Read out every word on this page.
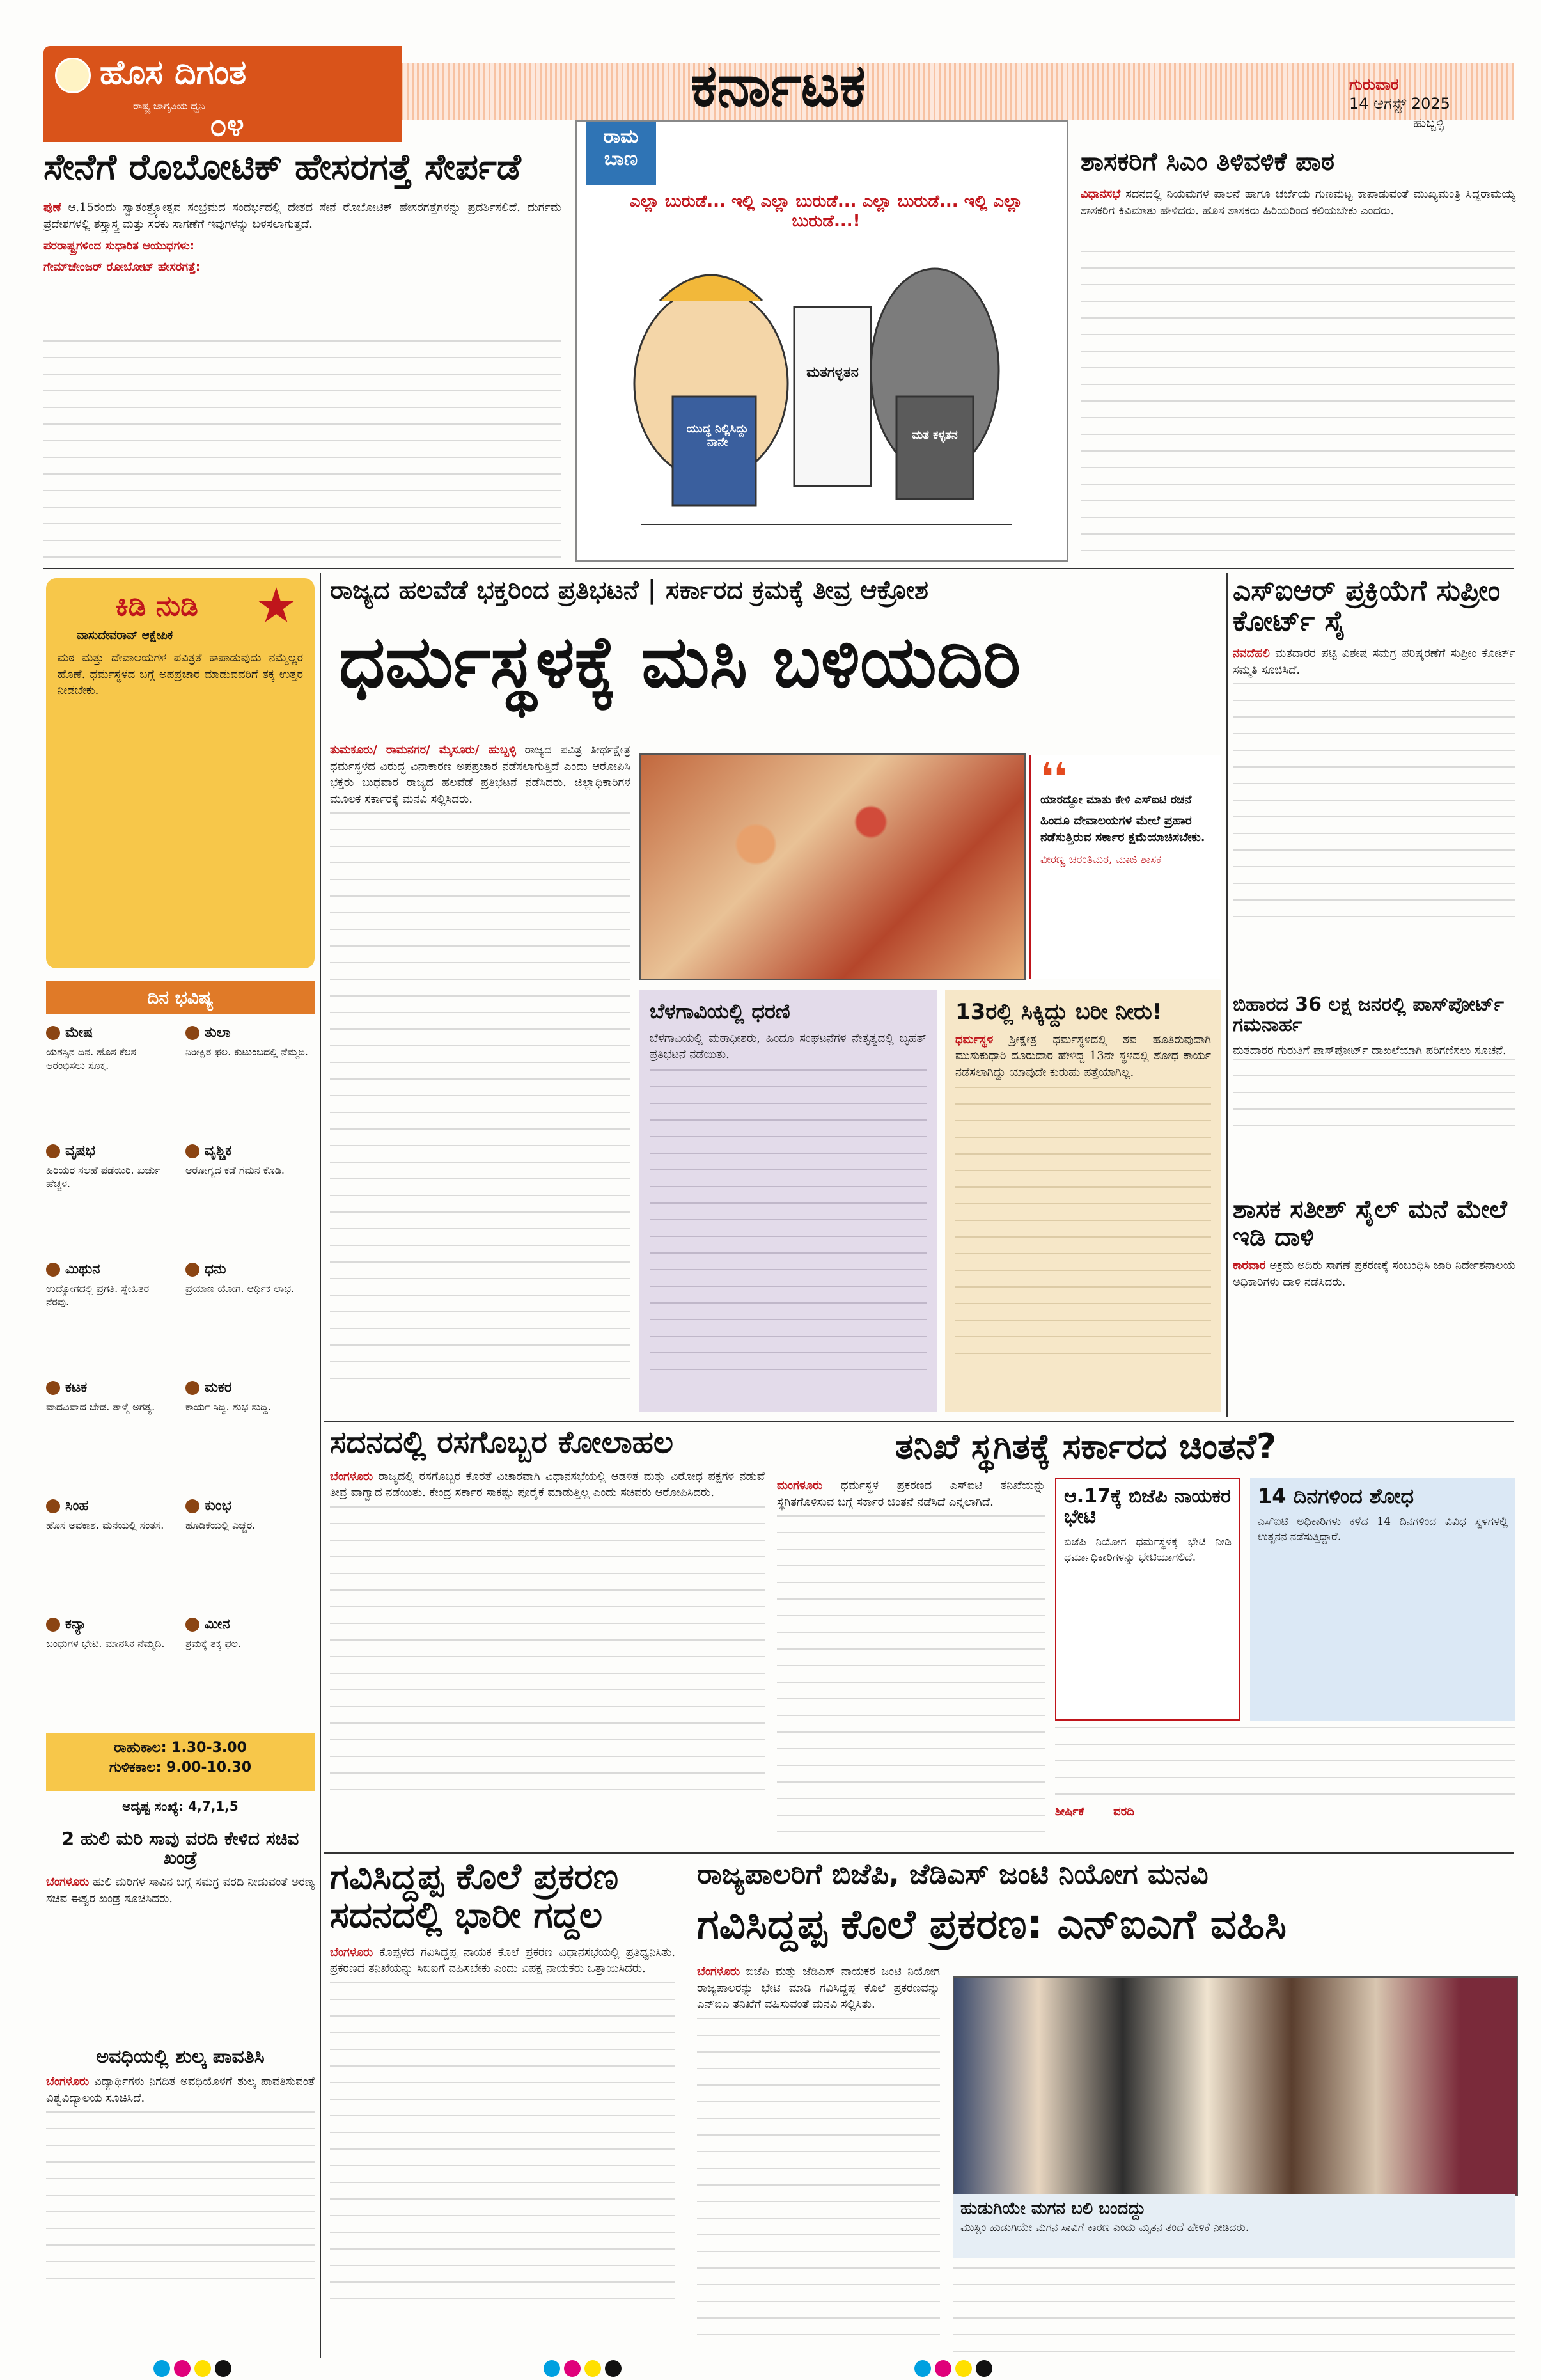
ಹೊಸ ದಿಗಂತ
ರಾಷ್ಟ್ರ ಜಾಗೃತಿಯ ಧ್ವನಿ
೦೪
ಕರ್ನಾಟಕ	ಗುರುವಾರ
14 ಆಗಸ್ಟ್ 2025
ಹುಬ್ಬಳ್ಳಿ
ಸೇನೆಗೆ ರೊಬೋಟಿಕ್ ಹೇಸರಗತ್ತೆ ಸೇರ್ಪಡೆ

ಪುಣೆ ಆ.15ರಂದು ಸ್ವಾತಂತ್ರ್ಯೋತ್ಸವ ಸಂಭ್ರಮದ ಸಂದರ್ಭದಲ್ಲಿ ದೇಶದ ಸೇನೆ ರೊಬೋಟಿಕ್ ಹೇಸರಗತ್ತೆಗಳನ್ನು ಪ್ರದರ್ಶಿಸಲಿದೆ. ದುರ್ಗಮ ಪ್ರದೇಶಗಳಲ್ಲಿ ಶಸ್ತ್ರಾಸ್ತ್ರ ಮತ್ತು ಸರಕು ಸಾಗಣೆಗೆ ಇವುಗಳನ್ನು ಬಳಸಲಾಗುತ್ತದೆ.

ಪರರಾಷ್ಟ್ರಗಳಿಂದ ಸುಧಾರಿತ ಆಯುಧಗಳು:

ಗೇಮ್‌ಚೇಂಜರ್ ರೋಬೋಟ್ ಹೇಸರಗತ್ತೆ:

ರಾಮ
ಬಾಣ
ಎಲ್ಲಾ ಬುರುಡೆ... ಇಲ್ಲಿ ಎಲ್ಲಾ ಬುರುಡೆ... ಎಲ್ಲಾ ಬುರುಡೆ... ಇಲ್ಲಿ ಎಲ್ಲಾ ಬುರುಡೆ...!
ಯುದ್ಧ ನಿಲ್ಲಿಸಿದ್ದು ನಾನೇ
ಮತಗಳ್ಳತನ
ಮತ ಕಳ್ಳತನ
ಶಾಸಕರಿಗೆ ಸಿಎಂ ತಿಳಿವಳಿಕೆ ಪಾಠ

ವಿಧಾನಸಭೆ ಸದನದಲ್ಲಿ ನಿಯಮಗಳ ಪಾಲನೆ ಹಾಗೂ ಚರ್ಚೆಯ ಗುಣಮಟ್ಟ ಕಾಪಾಡುವಂತೆ ಮುಖ್ಯಮಂತ್ರಿ ಸಿದ್ದರಾಮಯ್ಯ ಶಾಸಕರಿಗೆ ಕಿವಿಮಾತು ಹೇಳಿದರು. ಹೊಸ ಶಾಸಕರು ಹಿರಿಯರಿಂದ ಕಲಿಯಬೇಕು ಎಂದರು.

ಕಿಡಿ ನುಡಿ
ವಾಸುದೇವರಾವ್ ಆಕ್ಷೇಪಿಕ
ಮಠ ಮತ್ತು ದೇವಾಲಯಗಳ ಪವಿತ್ರತೆ ಕಾಪಾಡುವುದು ನಮ್ಮೆಲ್ಲರ ಹೊಣೆ. ಧರ್ಮಸ್ಥಳದ ಬಗ್ಗೆ ಅಪಪ್ರಚಾರ ಮಾಡುವವರಿಗೆ ತಕ್ಕ ಉತ್ತರ ನೀಡಬೇಕು.
ದಿನ ಭವಿಷ್ಯ
ಮೇಷ
ಯಶಸ್ಸಿನ ದಿನ. ಹೊಸ ಕೆಲಸ ಆರಂಭಿಸಲು ಸೂಕ್ತ.
ತುಲಾ
ನಿರೀಕ್ಷಿತ ಫಲ. ಕುಟುಂಬದಲ್ಲಿ ನೆಮ್ಮದಿ.
ವೃಷಭ
ಹಿರಿಯರ ಸಲಹೆ ಪಡೆಯಿರಿ. ಖರ್ಚು ಹೆಚ್ಚಳ.
ವೃಶ್ಚಿಕ
ಆರೋಗ್ಯದ ಕಡೆ ಗಮನ ಕೊಡಿ.
ಮಿಥುನ
ಉದ್ಯೋಗದಲ್ಲಿ ಪ್ರಗತಿ. ಸ್ನೇಹಿತರ ನೆರವು.
ಧನು
ಪ್ರಯಾಣ ಯೋಗ. ಆರ್ಥಿಕ ಲಾಭ.
ಕಟಕ
ವಾದವಿವಾದ ಬೇಡ. ತಾಳ್ಮೆ ಅಗತ್ಯ.
ಮಕರ
ಕಾರ್ಯ ಸಿದ್ಧಿ. ಶುಭ ಸುದ್ದಿ.
ಸಿಂಹ
ಹೊಸ ಅವಕಾಶ. ಮನೆಯಲ್ಲಿ ಸಂತಸ.
ಕುಂಭ
ಹೂಡಿಕೆಯಲ್ಲಿ ಎಚ್ಚರ.
ಕನ್ಯಾ
ಬಂಧುಗಳ ಭೇಟಿ. ಮಾನಸಿಕ ನೆಮ್ಮದಿ.
ಮೀನ
ಶ್ರಮಕ್ಕೆ ತಕ್ಕ ಫಲ.
ರಾಹುಕಾಲ: 1.30-3.00
ಗುಳಿಕಕಾಲ: 9.00-10.30
ಅದೃಷ್ಟ ಸಂಖ್ಯೆ: 4,7,1,5
ರಾಜ್ಯದ ಹಲವೆಡೆ ಭಕ್ತರಿಂದ ಪ್ರತಿಭಟನೆ | ಸರ್ಕಾರದ ಕ್ರಮಕ್ಕೆ ತೀವ್ರ ಆಕ್ರೋಶ
ಧರ್ಮಸ್ಥಳಕ್ಕೆ ಮಸಿ ಬಳಿಯದಿರಿ

ತುಮಕೂರು/ ರಾಮನಗರ/ ಮೈಸೂರು/ ಹುಬ್ಬಳ್ಳಿ ರಾಜ್ಯದ ಪವಿತ್ರ ತೀರ್ಥಕ್ಷೇತ್ರ ಧರ್ಮಸ್ಥಳದ ವಿರುದ್ಧ ವಿನಾಕಾರಣ ಅಪಪ್ರಚಾರ ನಡೆಸಲಾಗುತ್ತಿದೆ ಎಂದು ಆರೋಪಿಸಿ ಭಕ್ತರು ಬುಧವಾರ ರಾಜ್ಯದ ಹಲವೆಡೆ ಪ್ರತಿಭಟನೆ ನಡೆಸಿದರು. ಜಿಲ್ಲಾಧಿಕಾರಿಗಳ ಮೂಲಕ ಸರ್ಕಾರಕ್ಕೆ ಮನವಿ ಸಲ್ಲಿಸಿದರು.	❛❛
ಯಾರದ್ದೋ ಮಾತು ಕೇಳಿ ಎಸ್‌ಐಟಿ ರಚನೆ
ಹಿಂದೂ ದೇವಾಲಯಗಳ ಮೇಲೆ ಪ್ರಹಾರ ನಡೆಸುತ್ತಿರುವ ಸರ್ಕಾರ ಕ್ಷಮೆಯಾಚಿಸಬೇಕು.
ವೀರಣ್ಣ ಚರಂತಿಮಠ, ಮಾಜಿ ಶಾಸಕ
ಬೆಳಗಾವಿಯಲ್ಲಿ ಧರಣಿ
ಬೆಳಗಾವಿಯಲ್ಲಿ ಮಠಾಧೀಶರು, ಹಿಂದೂ ಸಂಘಟನೆಗಳ ನೇತೃತ್ವದಲ್ಲಿ ಬೃಹತ್ ಪ್ರತಿಭಟನೆ ನಡೆಯಿತು.
13ರಲ್ಲಿ ಸಿಕ್ಕಿದ್ದು ಬರೀ ನೀರು!

ಧರ್ಮಸ್ಥಳ ಶ್ರೀಕ್ಷೇತ್ರ ಧರ್ಮಸ್ಥಳದಲ್ಲಿ ಶವ ಹೂತಿರುವುದಾಗಿ ಮುಸುಕುಧಾರಿ ದೂರುದಾರ ಹೇಳಿದ್ದ 13ನೇ ಸ್ಥಳದಲ್ಲಿ ಶೋಧ ಕಾರ್ಯ ನಡೆಸಲಾಗಿದ್ದು ಯಾವುದೇ ಕುರುಹು ಪತ್ತೆಯಾಗಿಲ್ಲ.

ಎಸ್‌ಐಆರ್ ಪ್ರಕ್ರಿಯೆಗೆ ಸುಪ್ರೀಂ ಕೋರ್ಟ್ ಸೈ

ನವದೆಹಲಿ ಮತದಾರರ ಪಟ್ಟಿ ವಿಶೇಷ ಸಮಗ್ರ ಪರಿಷ್ಕರಣೆಗೆ ಸುಪ್ರೀಂ ಕೋರ್ಟ್ ಸಮ್ಮತಿ ಸೂಚಿಸಿದೆ.

ಬಿಹಾರದ 36 ಲಕ್ಷ ಜನರಲ್ಲಿ ಪಾಸ್‌ಪೋರ್ಟ್ ಗಮನಾರ್ಹ
ಮತದಾರರ ಗುರುತಿಗೆ ಪಾಸ್‌ಪೋರ್ಟ್ ದಾಖಲೆಯಾಗಿ ಪರಿಗಣಿಸಲು ಸೂಚನೆ.
ಶಾಸಕ ಸತೀಶ್ ಸೈಲ್ ಮನೆ ಮೇಲೆ ಇಡಿ ದಾಳಿ

ಕಾರವಾರ ಅಕ್ರಮ ಅದಿರು ಸಾಗಣೆ ಪ್ರಕರಣಕ್ಕೆ ಸಂಬಂಧಿಸಿ ಜಾರಿ ನಿರ್ದೇಶನಾಲಯ ಅಧಿಕಾರಿಗಳು ದಾಳಿ ನಡೆಸಿದರು.

ಸದನದಲ್ಲಿ ರಸಗೊಬ್ಬರ ಕೋಲಾಹಲ

ಬೆಂಗಳೂರು ರಾಜ್ಯದಲ್ಲಿ ರಸಗೊಬ್ಬರ ಕೊರತೆ ವಿಚಾರವಾಗಿ ವಿಧಾನಸಭೆಯಲ್ಲಿ ಆಡಳಿತ ಮತ್ತು ವಿರೋಧ ಪಕ್ಷಗಳ ನಡುವೆ ತೀವ್ರ ವಾಗ್ವಾದ ನಡೆಯಿತು. ಕೇಂದ್ರ ಸರ್ಕಾರ ಸಾಕಷ್ಟು ಪೂರೈಕೆ ಮಾಡುತ್ತಿಲ್ಲ ಎಂದು ಸಚಿವರು ಆರೋಪಿಸಿದರು.

ತನಿಖೆ ಸ್ಥಗಿತಕ್ಕೆ ಸರ್ಕಾರದ ಚಿಂತನೆ?

ಮಂಗಳೂರು ಧರ್ಮಸ್ಥಳ ಪ್ರಕರಣದ ಎಸ್‌ಐಟಿ ತನಿಖೆಯನ್ನು ಸ್ಥಗಿತಗೊಳಿಸುವ ಬಗ್ಗೆ ಸರ್ಕಾರ ಚಿಂತನೆ ನಡೆಸಿದೆ ಎನ್ನಲಾಗಿದೆ.	ಆ.17ಕ್ಕೆ ಬಿಜೆಪಿ ನಾಯಕರ ಭೇಟಿ
ಬಿಜೆಪಿ ನಿಯೋಗ ಧರ್ಮಸ್ಥಳಕ್ಕೆ ಭೇಟಿ ನೀಡಿ ಧರ್ಮಾಧಿಕಾರಿಗಳನ್ನು ಭೇಟಿಯಾಗಲಿದೆ.
14 ದಿನಗಳಿಂದ ಶೋಧ
ಎಸ್‌ಐಟಿ ಅಧಿಕಾರಿಗಳು ಕಳೆದ 14 ದಿನಗಳಿಂದ ವಿವಿಧ ಸ್ಥಳಗಳಲ್ಲಿ ಉತ್ಖನನ ನಡೆಸುತ್ತಿದ್ದಾರೆ.
ಶೀರ್ಷಿಕೆ	ವರದಿ
ಗವಿಸಿದ್ದಪ್ಪ ಕೊಲೆ ಪ್ರಕರಣ ಸದನದಲ್ಲಿ ಭಾರೀ ಗದ್ದಲ

ಬೆಂಗಳೂರು ಕೊಪ್ಪಳದ ಗವಿಸಿದ್ದಪ್ಪ ನಾಯಕ ಕೊಲೆ ಪ್ರಕರಣ ವಿಧಾನಸಭೆಯಲ್ಲಿ ಪ್ರತಿಧ್ವನಿಸಿತು. ಪ್ರಕರಣದ ತನಿಖೆಯನ್ನು ಸಿಬಿಐಗೆ ವಹಿಸಬೇಕು ಎಂದು ವಿಪಕ್ಷ ನಾಯಕರು ಒತ್ತಾಯಿಸಿದರು.

2 ಹುಲಿ ಮರಿ ಸಾವು ವರದಿ ಕೇಳಿದ ಸಚಿವ ಖಂಡ್ರೆ

ಬೆಂಗಳೂರು ಹುಲಿ ಮರಿಗಳ ಸಾವಿನ ಬಗ್ಗೆ ಸಮಗ್ರ ವರದಿ ನೀಡುವಂತೆ ಅರಣ್ಯ ಸಚಿವ ಈಶ್ವರ ಖಂಡ್ರೆ ಸೂಚಿಸಿದರು.

ಅವಧಿಯಲ್ಲಿ ಶುಲ್ಕ ಪಾವತಿಸಿ

ಬೆಂಗಳೂರು ವಿದ್ಯಾರ್ಥಿಗಳು ನಿಗದಿತ ಅವಧಿಯೊಳಗೆ ಶುಲ್ಕ ಪಾವತಿಸುವಂತೆ ವಿಶ್ವವಿದ್ಯಾಲಯ ಸೂಚಿಸಿದೆ.

ರಾಜ್ಯಪಾಲರಿಗೆ ಬಿಜೆಪಿ, ಜೆಡಿಎಸ್ ಜಂಟಿ ನಿಯೋಗ ಮನವಿ
ಗವಿಸಿದ್ದಪ್ಪ ಕೊಲೆ ಪ್ರಕರಣ: ಎನ್‌ಐಎಗೆ ವಹಿಸಿ

ಬೆಂಗಳೂರು ಬಿಜೆಪಿ ಮತ್ತು ಜೆಡಿಎಸ್ ನಾಯಕರ ಜಂಟಿ ನಿಯೋಗ ರಾಜ್ಯಪಾಲರನ್ನು ಭೇಟಿ ಮಾಡಿ ಗವಿಸಿದ್ದಪ್ಪ ಕೊಲೆ ಪ್ರಕರಣವನ್ನು ಎನ್‌ಐಎ ತನಿಖೆಗೆ ವಹಿಸುವಂತೆ ಮನವಿ ಸಲ್ಲಿಸಿತು.

ಹುಡುಗಿಯೇ ಮಗನ ಬಲಿ ಬಂದದ್ದು
ಮುಸ್ಲಿಂ ಹುಡುಗಿಯೇ ಮಗನ ಸಾವಿಗೆ ಕಾರಣ ಎಂದು ಮೃತನ ತಂದೆ ಹೇಳಿಕೆ ನೀಡಿದರು.
